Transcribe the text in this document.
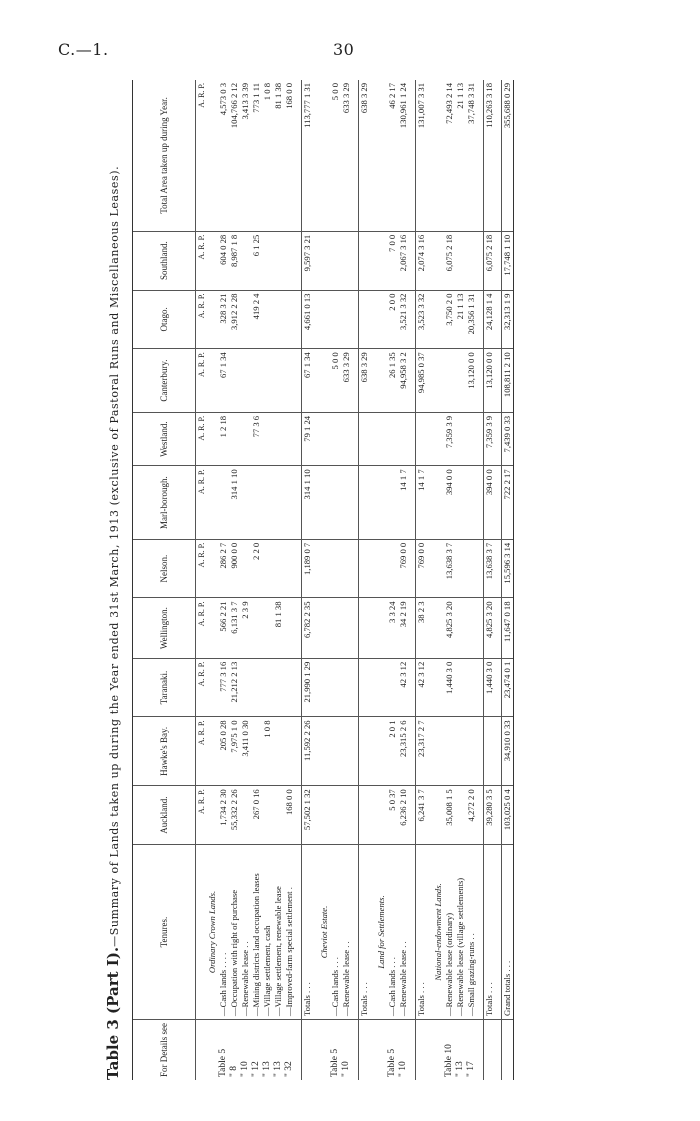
C.—1.	30
Table 3 (Part I).—Summary of Lands taken up during the Year ended 31st March, 1913 (exclusive of Pastoral Runs and Miscellaneous Leases).
For Details see	Tenures.	Auckland.	Hawke's Bay.	Taranaki.	Wellington.	Nelson.	Marl-borough.	Westland.	Canterbury.	Otago.	Southland.	Total Area taken up during Year.
		A. R. P.	A. R. P.	A. R. P.	A. R. P.	A. R. P.	A. R. P.	A. R. P.	A. R. P.	A. R. P.	A. R. P.	A. R. P.
	Ordinary Crown Lands.											
Table 5	—Cash lands . . . .	1,734 2 30	205 0 28	777 3 16	566 2 21	286 2 7		1 2 18	67 1 34	328 3 21	604 0 28	4,573 0 3
" 8	—Occupation with right of purchase	55,332 2 26	7,975 1 0	21,212 2 13	6,131 3 7	900 0 0	314 1 10			3,912 2 28	8,987 1 8	104,766 2 12
" 10	—Renewable lease . .		3,411 0 30		2 3 9							3,413 3 39
" 12	—Mining districts land occupation leases	267 0 16				2 2 0		77 3 6		419 2 4	6 1 25	773 1 11
" 13	—Village settlement, cash		1 0 8									1 0 8
" 13	—Village settlement, renewable lease				81 1 38							81 1 38
" 32	—Improved-farm special settlement .	168 0 0										168 0 0

	Totals . . .	57,502 1 32	11,592 2 26	21,990 1 29	6,782 2 35	1,189 0 7	314 1 10	79 1 24	67 1 34	4,661 0 13	9,597 3 21	113,777 1 31

	Cheviot Estate.											
Table 5	—Cash lands . . .								5 0 0			5 0 0
" 10	—Renewable lease . .								633 3 29			633 3 29

	Totals . . .								638 3 29			638 3 29

	Land for Settlements.											
Table 5	—Cash lands . . .	5 0 37	2 0 1		3 3 24				26 1 35	2 0 0	7 0 0	46 2 17
" 10	—Renewable lease . .	6,236 2 10	23,315 2 6	42 3 12	34 2 19	769 0 0	14 1 7		94,958 3 2	3,521 3 32	2,067 3 16	130,961 1 24

	Totals . . .	6,241 3 7	23,317 2 7	42 3 12	38 2 3	769 0 0	14 1 7		94,985 0 37	3,523 3 32	2,074 3 16	131,007 3 31

	National-endowment Lands.											
Table 10	—Renewable lease (ordinary)	35,008 1 5		1,440 3 0	4,825 3 20	13,638 3 7	394 0 0	7,359 3 9		3,750 2 0	6,075 2 18	72,493 2 14
" 13	—Renewable lease (village settlements)									21 1 13		21 1 13
" 17	—Small grazing-runs . .	4,272 2 0							13,120 0 0	20,356 1 31		37,748 3 31

	Totals . . .	39,280 3 5		1,440 3 0	4,825 3 20	13,638 3 7	394 0 0	7,359 3 9	13,120 0 0	24,128 1 4	6,075 2 18	110,263 3 18

	Grand totals . . .	103,025 0 4	34,910 0 33	23,474 0 1	11,647 0 18	15,596 3 14	722 2 17	7,439 0 33	108,811 2 10	32,313 1 9	17,748 1 10	355,688 0 29
